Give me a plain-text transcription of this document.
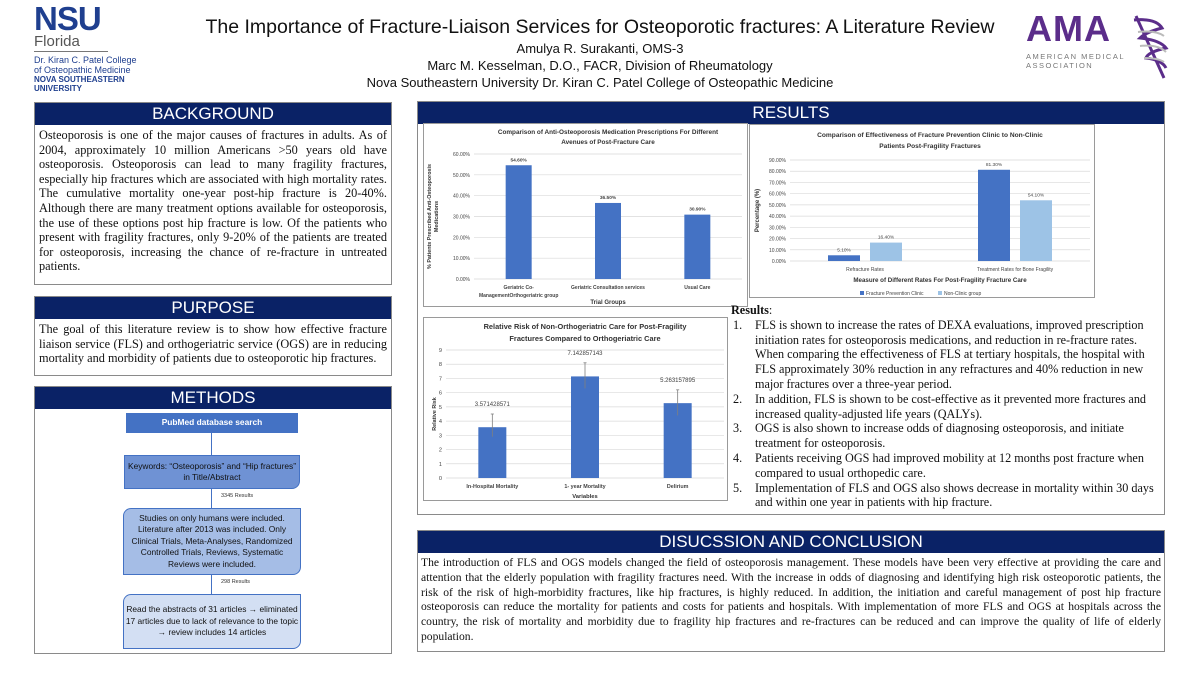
NSU
Florida
Dr. Kiran C. Patel College
of Osteopathic Medicine
NOVA SOUTHEASTERN
UNIVERSITY
The Importance of Fracture-Liaison Services for Osteoporotic fractures: A Literature Review
Amulya R. Surakanti, OMS-3
Marc M. Kesselman, D.O., FACR, Division of Rheumatology
Nova Southeastern University Dr. Kiran C. Patel College of Osteopathic Medicine
AMA
AMERICAN MEDICAL
ASSOCIATION
BACKGROUND
Osteoporosis is one of the major causes of fractures in adults. As of 2004, approximately 10 million Americans >50 years old have osteoporosis. Osteoporosis can lead to many fragility fractures, especially hip fractures which are associated with high mortality rates. The cumulative mortality one-year post-hip fracture is 20-40%. Although there are many treatment options available for osteoporosis, the use of these options post hip fracture is low. Of the patients who present with fragility fractures, only 9-20% of the patients are treated for osteoporosis, increasing the chance of re-fracture in untreated patients.
PURPOSE
The goal of this literature review is to show how effective fracture liaison service (FLS) and orthogeriatric service (OGS) are in reducing mortality and morbidity of patients due to osteoporotic hip fractures.
METHODS
PubMed database search
Keywords: “Osteoporosis” and “Hip fractures” in Title/Abstract
3345 Results
Studies on only humans were included. Literature after 2013 was included. Only Clinical Trials, Meta-Analyses, Randomized Controlled Trials, Reviews, Systematic Reviews were included.
298 Results
Read the abstracts of 31 articles → eliminated 17 articles due to lack of relevance to the topic → review includes 14 articles
RESULTS
Comparison of Anti-Osteoporosis Medication Prescriptions For Different
Avenues of Post-Fracture Care
0.00%
10.00%
20.00%
30.00%
40.00%
50.00%
60.00%
% Patients Prescribed Anti-Osteoporosis Medications
Trial Groups
54.60%
Geriatric Co-
ManagementOrthogeriatric group
36.50%
Geriatric Consultation services
30.90%
Usual Care
Comparison of Effectiveness of Fracture Prevention Clinic to Non-Clinic
Patients Post-Fragility Fractures
0.00%
10.00%
20.00%
30.00%
40.00%
50.00%
60.00%
70.00%
80.00%
90.00%
Percentage (%)
Measure of Different Rates For Post-Fragility Fracture Care
5.10%
16.40%
Refracture Rates
81.30%
54.10%
Treatment Rates for Bone Fragility
Fracture Prevention Clinic	Non-Clinic group
Relative Risk of Non-Orthogeriatric Care for Post-Fragility
Fractures Compared to Orthogeriatric Care
0
1
2
3
4
5
6
7
8
9
Relative Risk
Variables
3.571428571
In-Hospital Mortality
7.142857143
1- year Mortality
5.263157895
Delirium
Results:
1. FLS is shown to increase the rates of DEXA evaluations, improved prescription initiation rates for osteoporosis medications, and reduction in re-fracture rates. When comparing the effectiveness of FLS at tertiary hospitals, the hospital with FLS approximately 30% reduction in any refractures and 40% reduction in new major fractures over a three-year period.
2. In addition, FLS is shown to be cost-effective as it prevented more fractures and increased quality-adjusted life years (QALYs).
3. OGS is also shown to increase odds of diagnosing osteoporosis, and initiate treatment for osteoporosis.
4. Patients receiving OGS had improved mobility at 12 months post fracture when compared to usual orthopedic care.
5. Implementation of FLS and OGS also shows decrease in mortality within 30 days and within one year in patients with hip fracture.
DISUCSSION AND CONCLUSION
The introduction of FLS and OGS models changed the field of osteoporosis management. These models have been very effective at providing the care and attention that the elderly population with fragility fractures need. With the increase in odds of diagnosing and identifying high risk osteoporotic patients, the risk of the risk of high-morbidity fractures, like hip fractures, is highly reduced. In addition, the initiation and careful management of post hip fracture osteoporosis can reduce the mortality for patients and costs for patients and hospitals. With implementation of more FLS and OGS at hospitals across the country, the risk of mortality and morbidity due to fragility hip fractures and re-fractures can be reduced and can improve the quality of life of elderly population.
